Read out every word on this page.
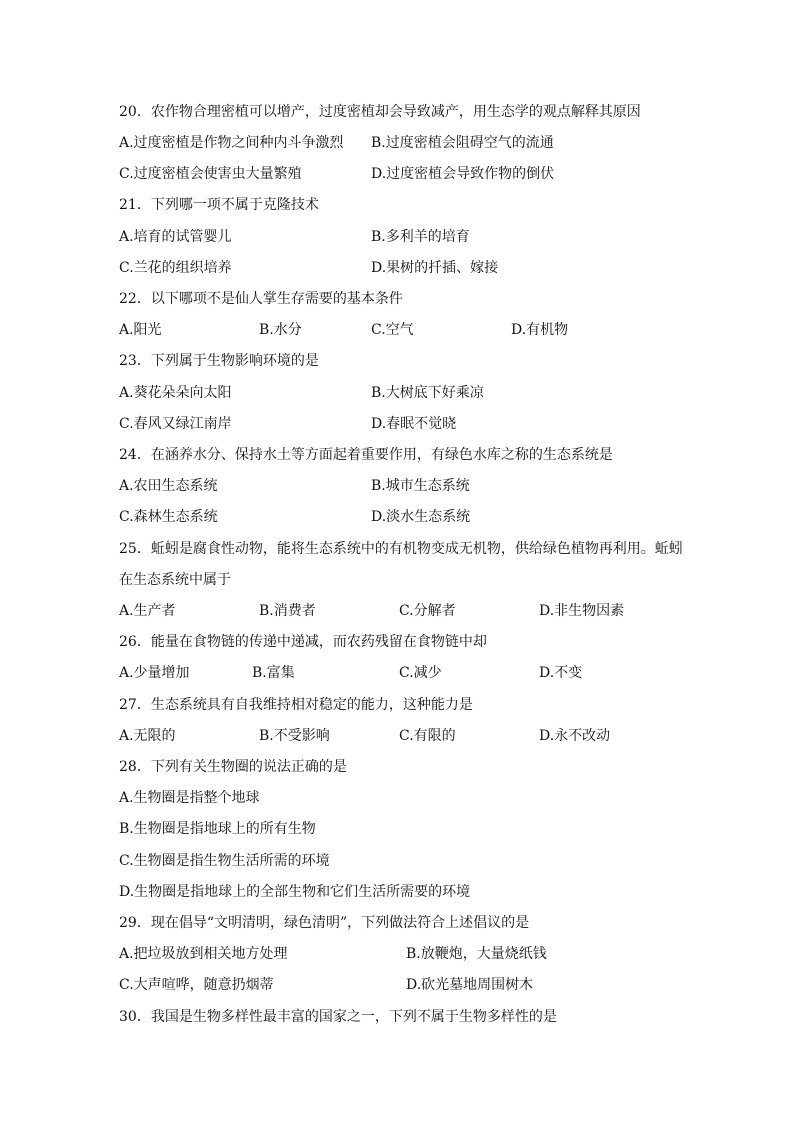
20．农作物合理密植可以增产，过度密植却会导致减产，用生态学的观点解释其原因
A.过度密植是作物之间种内斗争激烈 B.过度密植会阻碍空气的流通
C.过度密植会使害虫大量繁殖	D.过度密植会导致作物的倒伏
21．下列哪一项不属于克隆技术
A.培育的试管婴儿	B.多利羊的培育
C.兰花的组织培养	D.果树的扦插、嫁接
22．以下哪项不是仙人掌生存需要的基本条件
A.阳光	B.水分	C.空气	D.有机物
23．下列属于生物影响环境的是
A.葵花朵朵向太阳	B.大树底下好乘凉
C.春风又绿江南岸	D.春眠不觉晓
24．在涵养水分、保持水土等方面起着重要作用，有绿色水库之称的生态系统是
A.农田生态系统	B.城市生态系统
C.森林生态系统	D.淡水生态系统
25．蚯蚓是腐食性动物，能将生态系统中的有机物变成无机物，供给绿色植物再利用。蚯蚓
在生态系统中属于
A.生产者	B.消费者	C.分解者	D.非生物因素
26．能量在食物链的传递中递减，而农药残留在食物链中却
A.少量增加	B.富集	C.减少	D.不变
27．生态系统具有自我维持相对稳定的能力，这种能力是
A.无限的	B.不受影响	C.有限的	D.永不改动
28．下列有关生物圈的说法正确的是
A.生物圈是指整个地球
B.生物圈是指地球上的所有生物
C.生物圈是指生物生活所需的环境
D.生物圈是指地球上的全部生物和它们生活所需要的环境
29．现在倡导“文明清明，绿色清明”，下列做法符合上述倡议的是
A.把垃圾放到相关地方处理	B.放鞭炮，大量烧纸钱
C.大声喧哗，随意扔烟蒂	D.砍光墓地周围树木
30．我国是生物多样性最丰富的国家之一，下列不属于生物多样性的是
